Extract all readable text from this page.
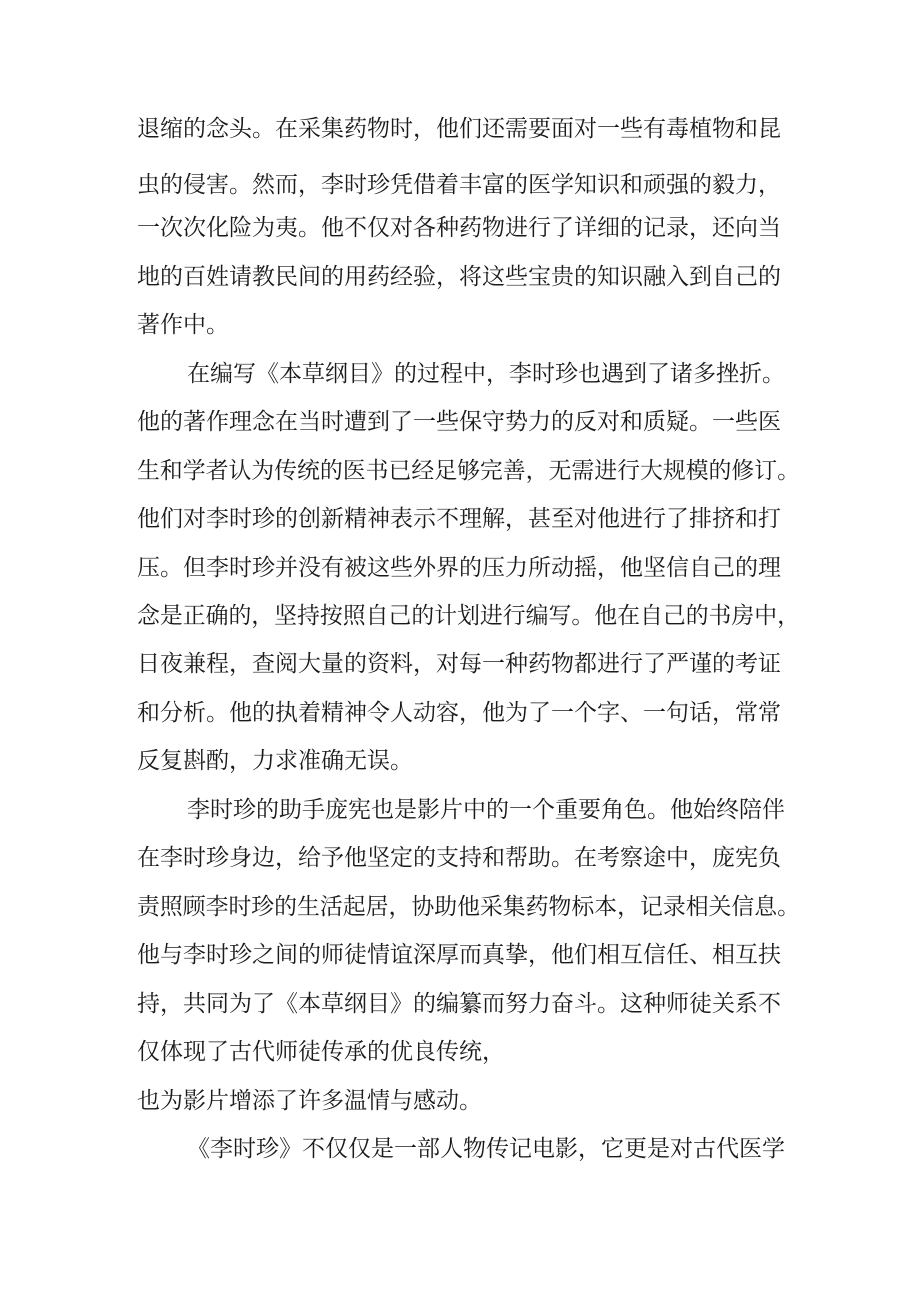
退缩的念头。在采集药物时，他们还需要面对一些有毒植物和昆

虫的侵害。然而，李时珍凭借着丰富的医学知识和顽强的毅力，

一次次化险为夷。他不仅对各种药物进行了详细的记录，还向当

地的百姓请教民间的用药经验，将这些宝贵的知识融入到自己的

著作中。

在编写《本草纲目》的过程中，李时珍也遇到了诸多挫折。

他的著作理念在当时遭到了一些保守势力的反对和质疑。一些医

生和学者认为传统的医书已经足够完善，无需进行大规模的修订。

他们对李时珍的创新精神表示不理解，甚至对他进行了排挤和打

压。但李时珍并没有被这些外界的压力所动摇，他坚信自己的理

念是正确的，坚持按照自己的计划进行编写。他在自己的书房中，

日夜兼程，查阅大量的资料，对每一种药物都进行了严谨的考证

和分析。他的执着精神令人动容，他为了一个字、一句话，常常

反复斟酌，力求准确无误。

李时珍的助手庞宪也是影片中的一个重要角色。他始终陪伴

在李时珍身边，给予他坚定的支持和帮助。在考察途中，庞宪负

责照顾李时珍的生活起居，协助他采集药物标本，记录相关信息。

他与李时珍之间的师徒情谊深厚而真挚，他们相互信任、相互扶

持，共同为了《本草纲目》的编纂而努力奋斗。这种师徒关系不

仅体现了古代师徒传承的优良传统，

也为影片增添了许多温情与感动。

《李时珍》不仅仅是一部人物传记电影，它更是对古代医学
